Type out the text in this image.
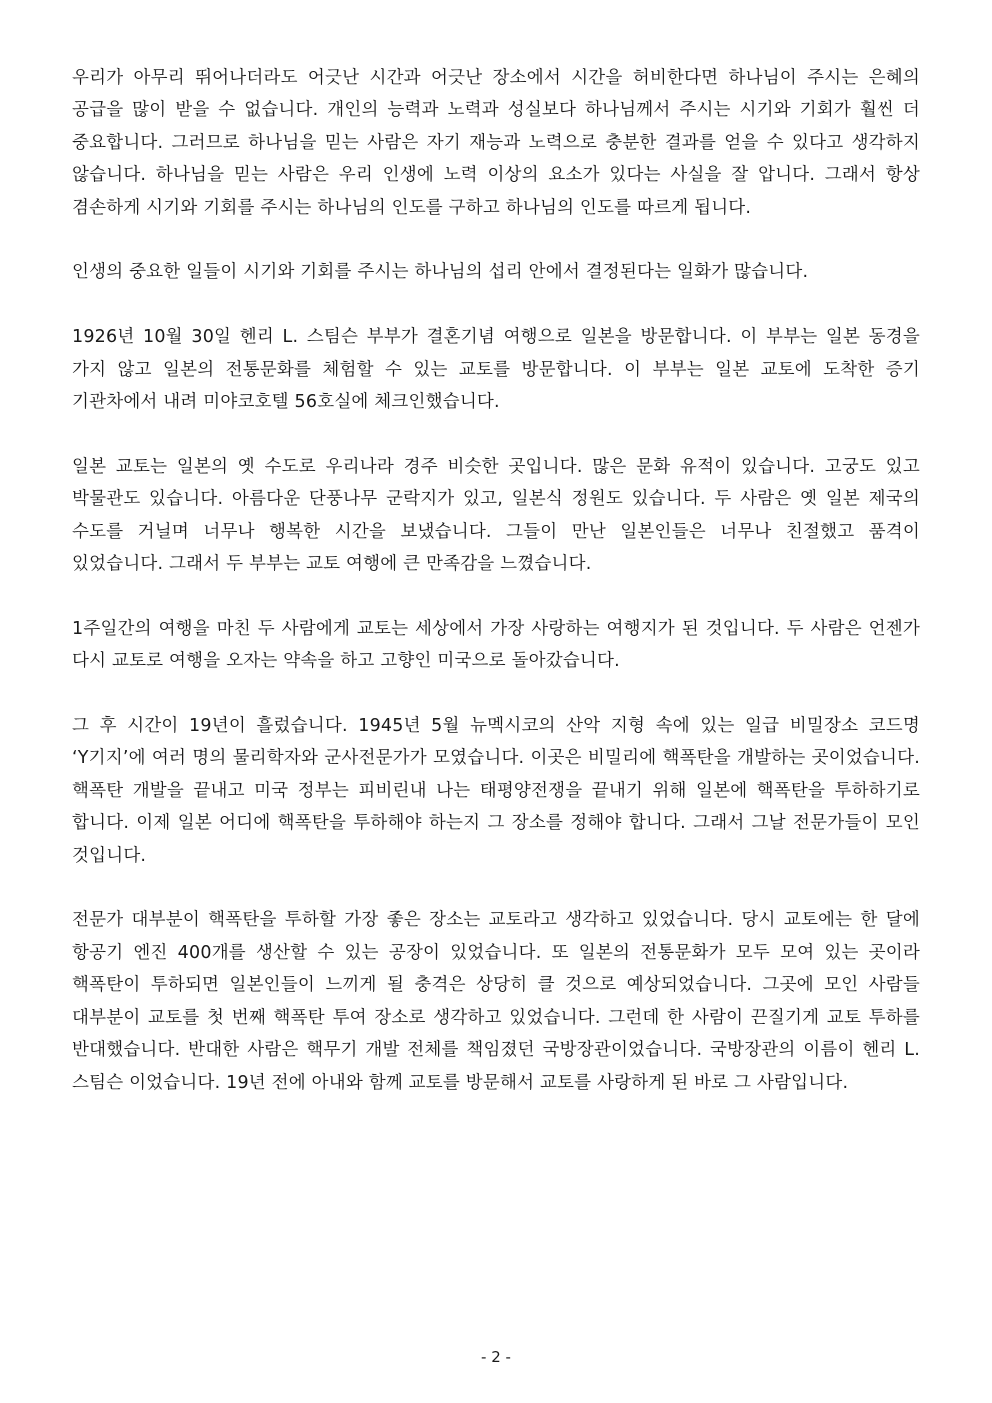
우리가 아무리 뛰어나더라도 어긋난 시간과 어긋난 장소에서 시간을 허비한다면 하나님이 주시는 은혜의 공급을 많이 받을 수 없습니다. 개인의 능력과 노력과 성실보다 하나님께서 주시는 시기와 기회가 훨씬 더 중요합니다. 그러므로 하나님을 믿는 사람은 자기 재능과 노력으로 충분한 결과를 얻을 수 있다고 생각하지 않습니다. 하나님을 믿는 사람은 우리 인생에 노력 이상의 요소가 있다는 사실을 잘 압니다. 그래서 항상 겸손하게 시기와 기회를 주시는 하나님의 인도를 구하고 하나님의 인도를 따르게 됩니다.

인생의 중요한 일들이 시기와 기회를 주시는 하나님의 섭리 안에서 결정된다는 일화가 많습니다.

1926년 10월 30일 헨리 L. 스팀슨 부부가 결혼기념 여행으로 일본을 방문합니다. 이 부부는 일본 동경을 가지 않고 일본의 전통문화를 체험할 수 있는 교토를 방문합니다. 이 부부는 일본 교토에 도착한 증기 기관차에서 내려 미야코호텔 56호실에 체크인했습니다.

일본 교토는 일본의 옛 수도로 우리나라 경주 비슷한 곳입니다. 많은 문화 유적이 있습니다. 고궁도 있고 박물관도 있습니다. 아름다운 단풍나무 군락지가 있고, 일본식 정원도 있습니다. 두 사람은 옛 일본 제국의 수도를 거닐며 너무나 행복한 시간을 보냈습니다. 그들이 만난 일본인들은 너무나 친절했고 품격이 있었습니다. 그래서 두 부부는 교토 여행에 큰 만족감을 느꼈습니다.

1주일간의 여행을 마친 두 사람에게 교토는 세상에서 가장 사랑하는 여행지가 된 것입니다. 두 사람은 언젠가 다시 교토로 여행을 오자는 약속을 하고 고향인 미국으로 돌아갔습니다.

그 후 시간이 19년이 흘렀습니다. 1945년 5월 뉴멕시코의 산악 지형 속에 있는 일급 비밀장소 코드명 ‘Y기지’에 여러 명의 물리학자와 군사전문가가 모였습니다. 이곳은 비밀리에 핵폭탄을 개발하는 곳이었습니다. 핵폭탄 개발을 끝내고 미국 정부는 피비린내 나는 태평양전쟁을 끝내기 위해 일본에 핵폭탄을 투하하기로 합니다. 이제 일본 어디에 핵폭탄을 투하해야 하는지 그 장소를 정해야 합니다. 그래서 그날 전문가들이 모인 것입니다.

전문가 대부분이 핵폭탄을 투하할 가장 좋은 장소는 교토라고 생각하고 있었습니다. 당시 교토에는 한 달에 항공기 엔진 400개를 생산할 수 있는 공장이 있었습니다. 또 일본의 전통문화가 모두 모여 있는 곳이라 핵폭탄이 투하되면 일본인들이 느끼게 될 충격은 상당히 클 것으로 예상되었습니다. 그곳에 모인 사람들 대부분이 교토를 첫 번째 핵폭탄 투여 장소로 생각하고 있었습니다. 그런데 한 사람이 끈질기게 교토 투하를 반대했습니다. 반대한 사람은 핵무기 개발 전체를 책임졌던 국방장관이었습니다. 국방장관의 이름이 헨리 L. 스팀슨 이었습니다. 19년 전에 아내와 함께 교토를 방문해서 교토를 사랑하게 된 바로 그 사람입니다.

- 2 -
